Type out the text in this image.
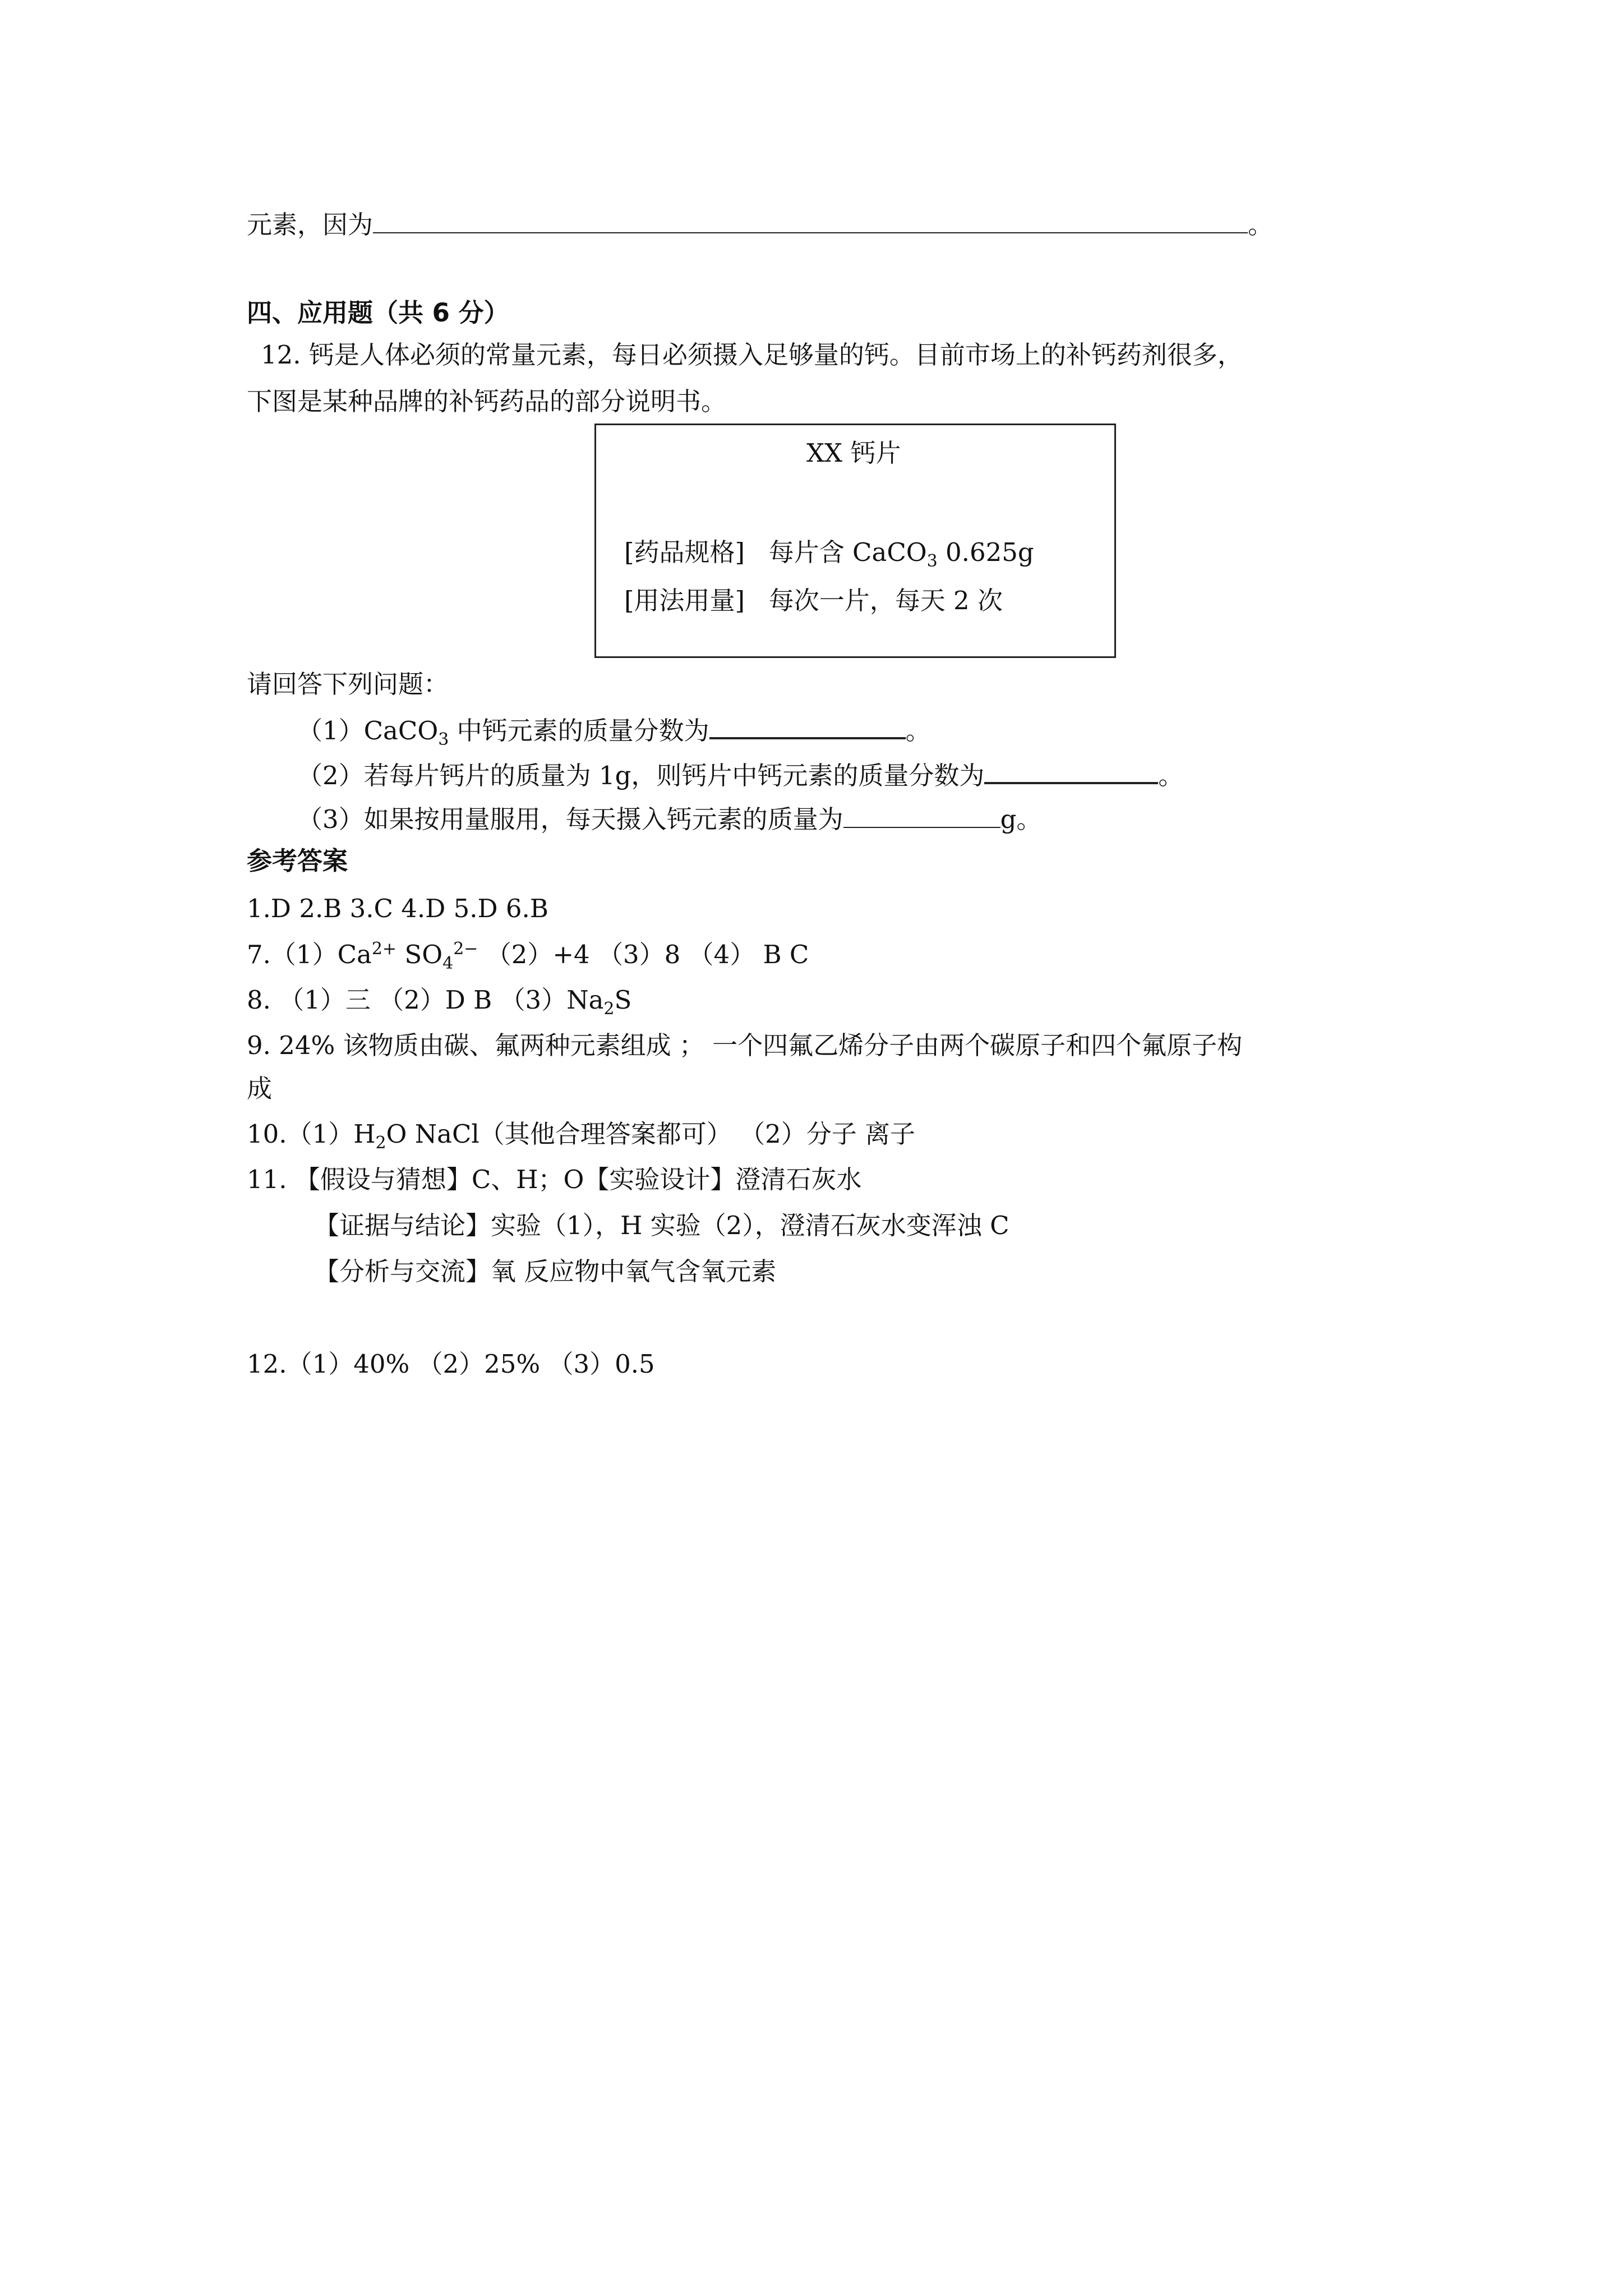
元素，因为	。
四、应用题（共 6 分）
12. 钙是人体必须的常量元素，每日必须摄入足够量的钙。目前市场上的补钙药剂很多，
下图是某种品牌的补钙药品的部分说明书。
XX 钙片
[药品规格] 每片含 CaCO$_3$ 0.625g
[用法用量] 每次一片，每天 2 次
请回答下列问题：
（1）CaCO$_3$ 中钙元素的质量分数为	。
（2）若每片钙片的质量为 1g，则钙片中钙元素的质量分数为	。
（3）如果按用量服用，每天摄入钙元素的质量为	g。
参考答案
1.D 2.B 3.C 4.D 5.D 6.B
$7.(1)Ca^{2+}$ $SO_4^{2-}$ （2）+4 （3）8 （4） B C
8. （1）三 （2）D B $(3)Na_2S$
9. 24% 该物质由碳、氟两种元素组成 ； 一个四氟乙烯分子由两个碳原子和四个氟原子构
成
$10.(1)H_2O$ NaCl（其他合理答案都可） （2）分子 离子
11. 【假设与猜想】C、H；O【实验设计】澄清石灰水
【证据与结论】实验（1），H 实验（2），澄清石灰水变浑浊 C
【分析与交流】氧 反应物中氧气含氧元素
12.（1）40% （2）25% （3）0.5
